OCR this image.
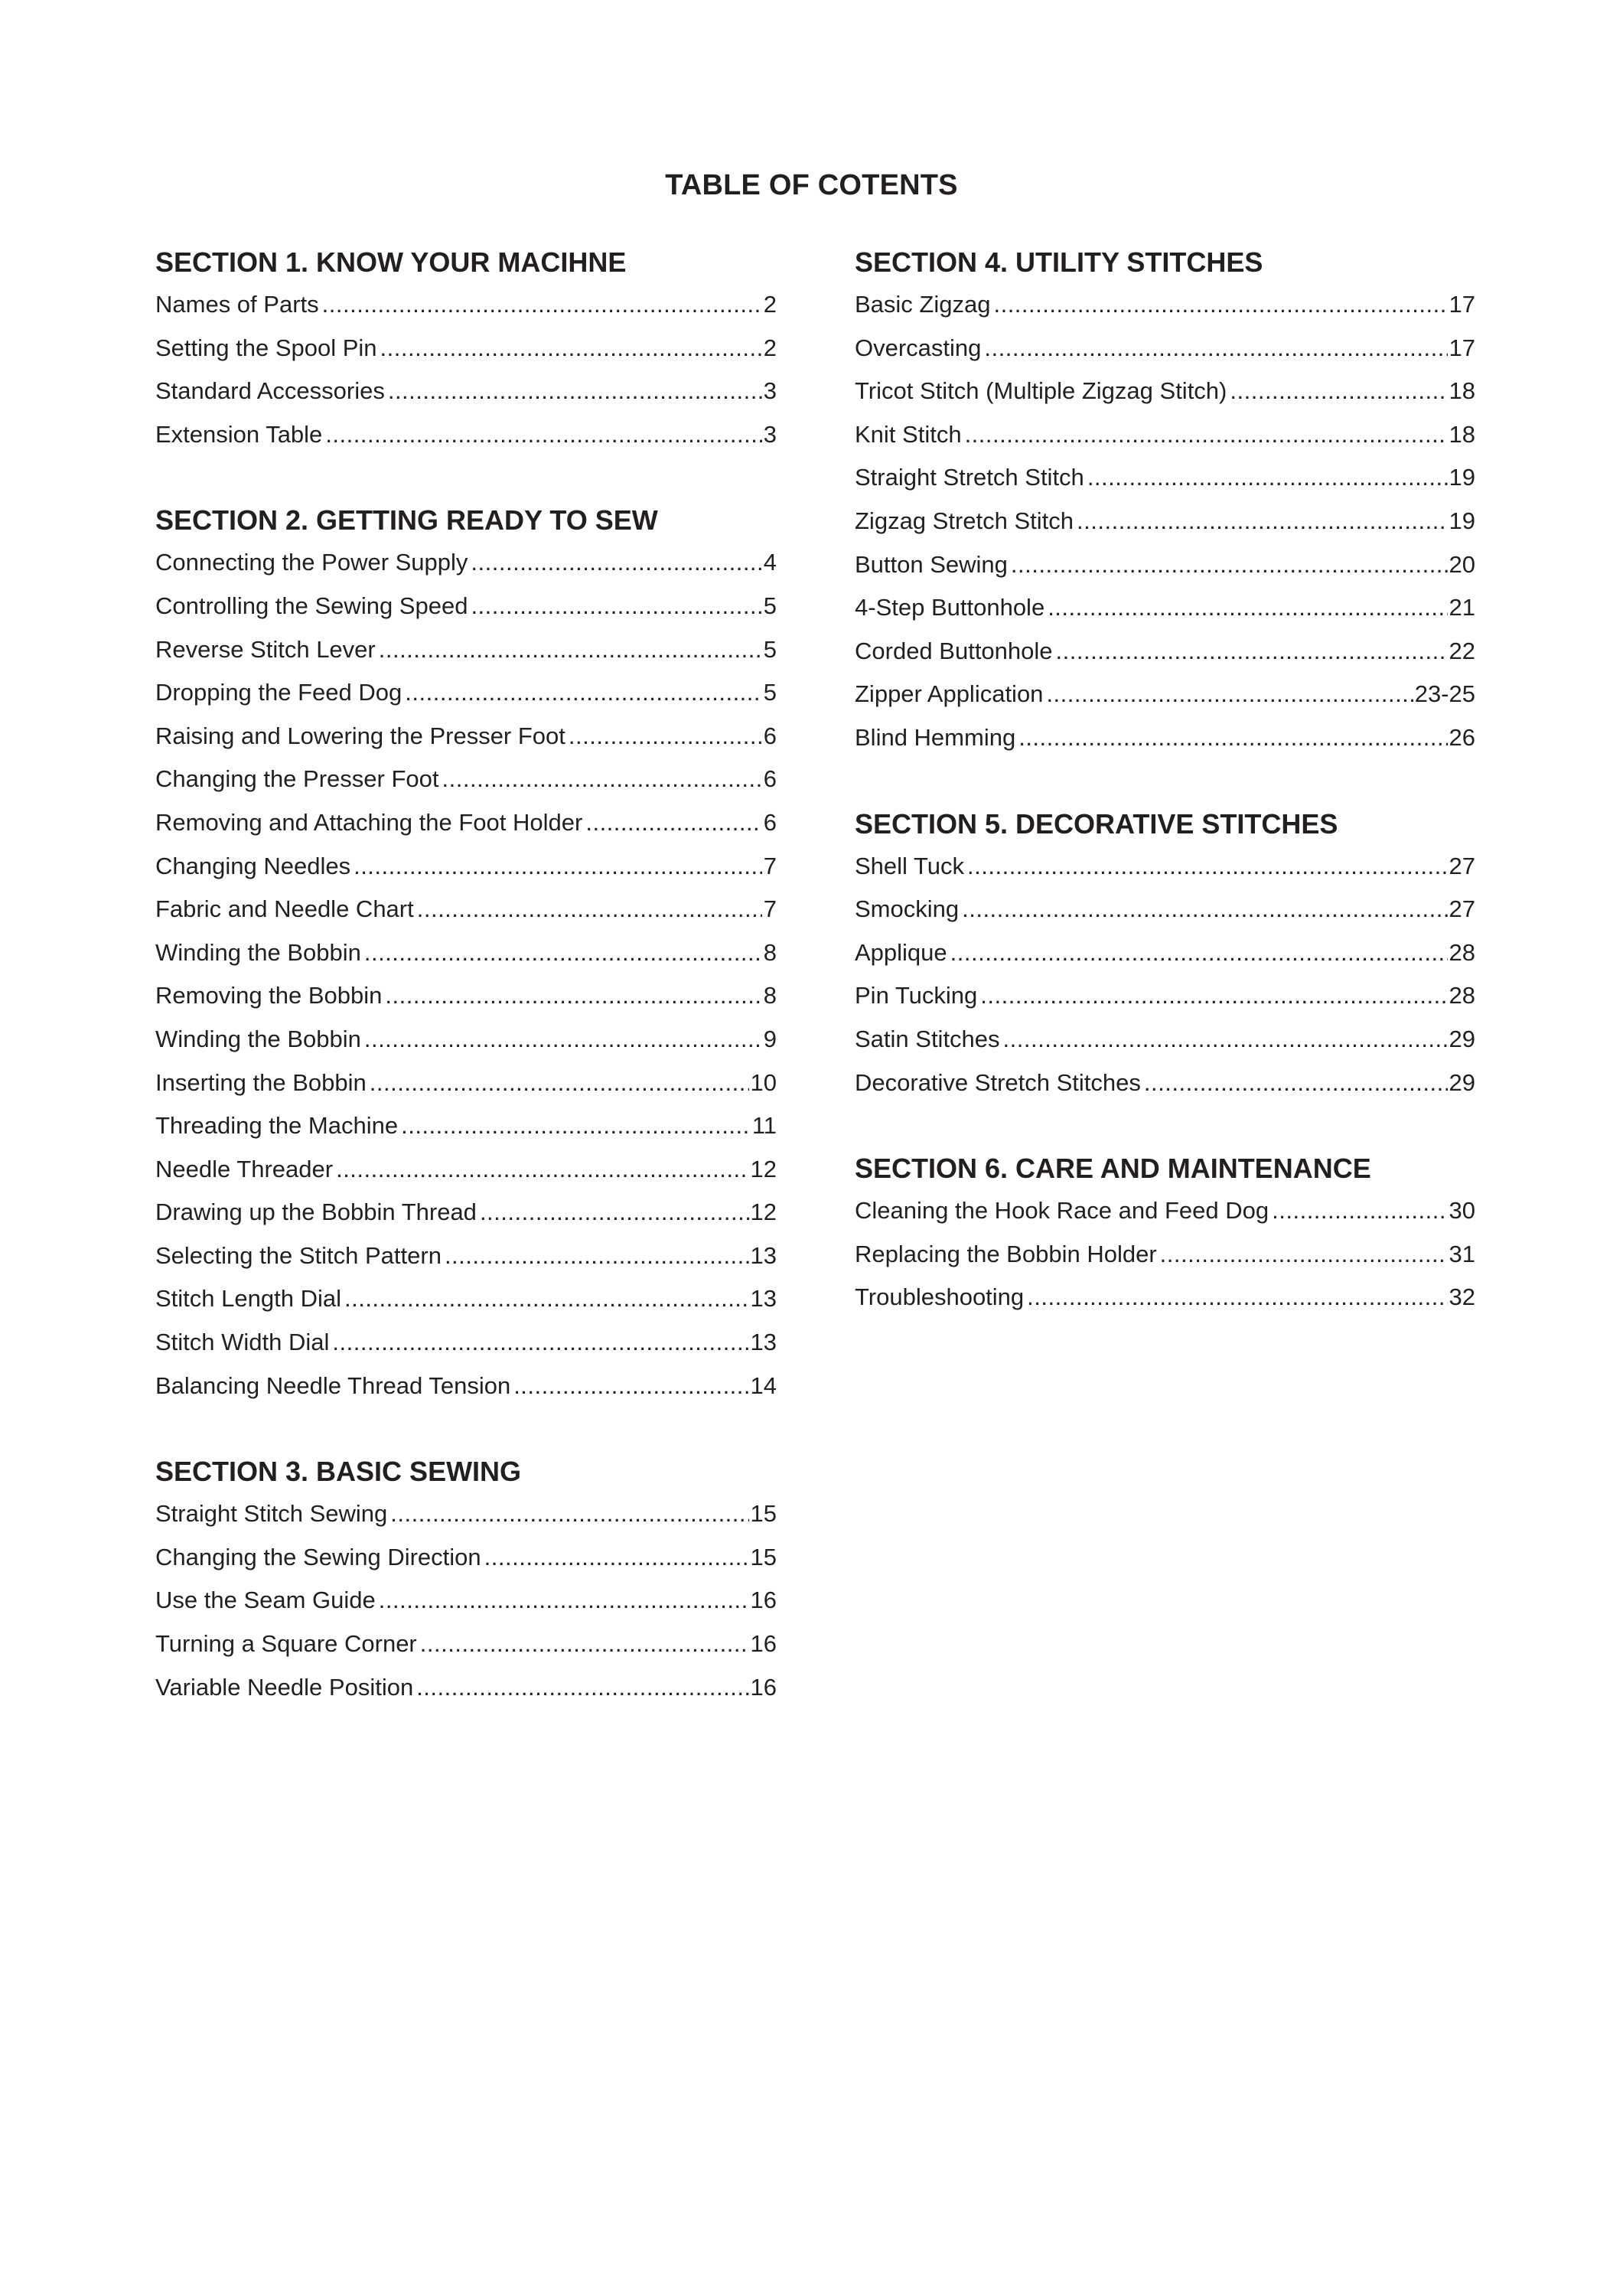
TABLE OF COTENTS
SECTION 1. KNOW YOUR MACIHNE
Names of Parts .....	2
Setting the Spool Pin .....	2
Standard Accessories .....	3
Extension Table .....	3
SECTION 2. GETTING READY TO SEW
Connecting the Power Supply .....	4
Controlling the Sewing Speed .....	5
Reverse Stitch Lever .....	5
Dropping the Feed Dog .....	5
Raising and Lowering the Presser Foot .....	6
Changing the Presser Foot .....	6
Removing and Attaching the Foot Holder .....	6
Changing Needles .....	7
Fabric and Needle Chart .....	7
Winding the Bobbin .....	8
Removing the Bobbin .....	8
Winding the Bobbin .....	9
Inserting the Bobbin .....	10
Threading the Machine .....	11
Needle Threader .....	12
Drawing up the Bobbin Thread .....	12
Selecting the Stitch Pattern .....	13
Stitch Length Dial .....	13
Stitch Width Dial .....	13
Balancing Needle Thread Tension .....	14
SECTION 3. BASIC SEWING
Straight Stitch Sewing .....	15
Changing the Sewing Direction .....	15
Use the Seam Guide .....	16
Turning a Square Corner .....	16
Variable Needle Position .....	16
SECTION 4. UTILITY STITCHES
Basic Zigzag .....	17
Overcasting .....	17
Tricot Stitch (Multiple Zigzag Stitch) .....	18
Knit Stitch .....	18
Straight Stretch Stitch .....	19
Zigzag Stretch Stitch .....	19
Button Sewing .....	20
4-Step Buttonhole .....	21
Corded Buttonhole .....	22
Zipper Application .....	23-25
Blind Hemming .....	26
SECTION 5. DECORATIVE STITCHES
Shell Tuck .....	27
Smocking .....	27
Applique .....	28
Pin Tucking .....	28
Satin Stitches .....	29
Decorative Stretch Stitches .....	29
SECTION 6. CARE AND MAINTENANCE
Cleaning the Hook Race and Feed Dog .....	30
Replacing the Bobbin Holder .....	31
Troubleshooting .....	32
